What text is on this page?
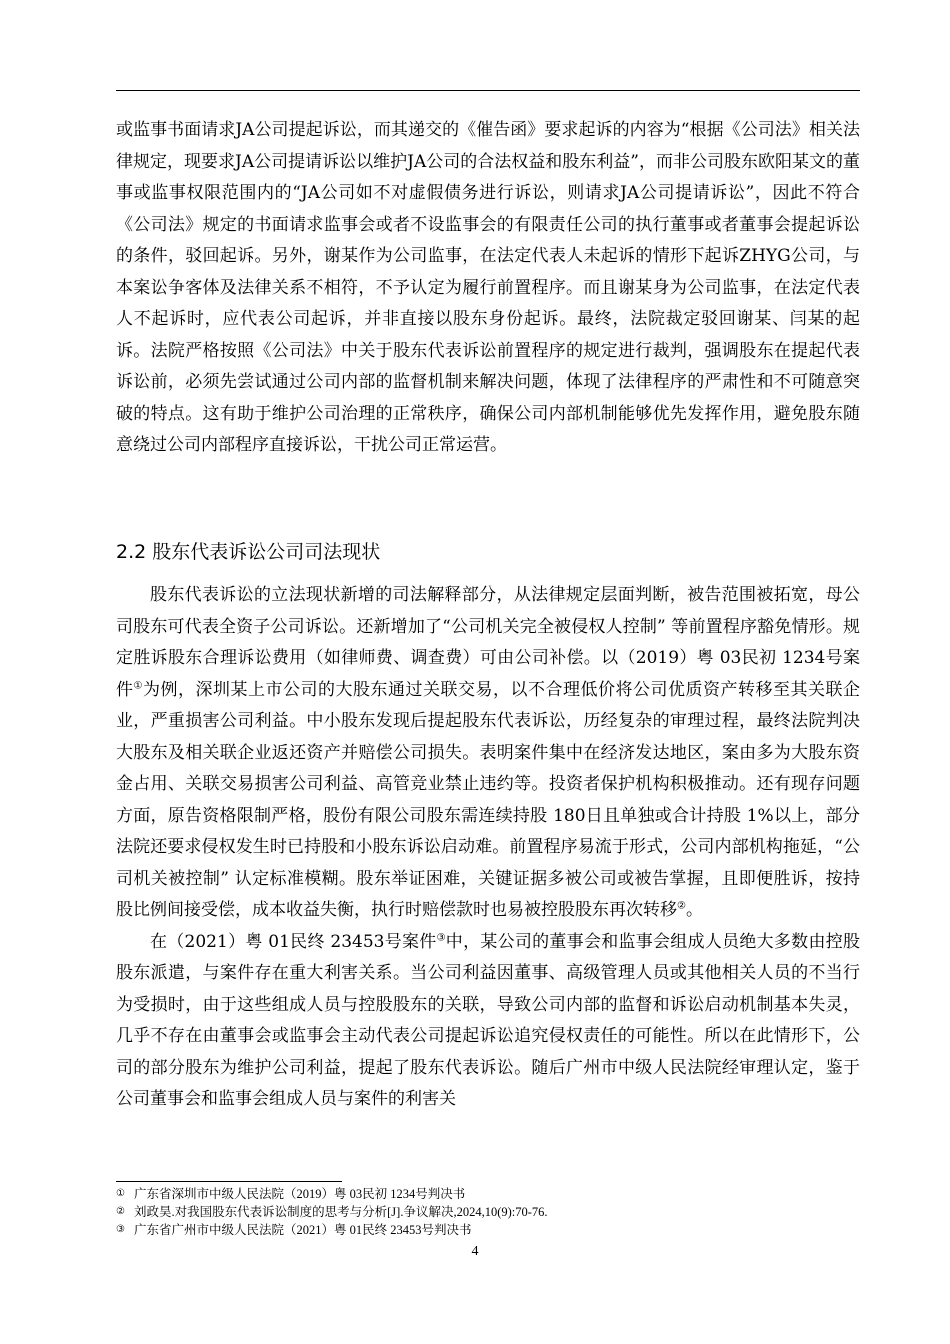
或监事书面请求JA公司提起诉讼，而其递交的《催告函》要求起诉的内容为“根据《公司法》相关法律规定，现要求JA公司提请诉讼以维护JA公司的合法权益和股东利益”，而非公司股东欧阳某文的董事或监事权限范围内的“JA公司如不对虚假债务进行诉讼，则请求JA公司提请诉讼”，因此不符合《公司法》规定的书面请求监事会或者不设监事会的有限责任公司的执行董事或者董事会提起诉讼的条件，驳回起诉。另外，谢某作为公司监事，在法定代表人未起诉的情形下起诉ZHYG公司，与本案讼争客体及法律关系不相符，不予认定为履行前置程序。而且谢某身为公司监事，在法定代表人不起诉时，应代表公司起诉，并非直接以股东身份起诉。最终，法院裁定驳回谢某、闫某的起诉。法院严格按照《公司法》中关于股东代表诉讼前置程序的规定进行裁判，强调股东在提起代表诉讼前，必须先尝试通过公司内部的监督机制来解决问题，体现了法律程序的严肃性和不可随意突破的特点。这有助于维护公司治理的正常秩序，确保公司内部机制能够优先发挥作用，避免股东随意绕过公司内部程序直接诉讼，干扰公司正常运营。

2.2 股东代表诉讼公司司法现状

股东代表诉讼的立法现状新增的司法解释部分，从法律规定层面判断，被告范围被拓宽，母公司股东可代表全资子公司诉讼。还新增加了“公司机关完全被侵权人控制” 等前置程序豁免情形。规定胜诉股东合理诉讼费用（如律师费、调查费）可由公司补偿。以（2019）粤 03民初 1234号案件①为例，深圳某上市公司的大股东通过关联交易，以不合理低价将公司优质资产转移至其关联企业，严重损害公司利益。中小股东发现后提起股东代表诉讼，历经复杂的审理过程，最终法院判决大股东及相关联企业返还资产并赔偿公司损失。表明案件集中在经济发达地区，案由多为大股东资金占用、关联交易损害公司利益、高管竞业禁止违约等。投资者保护机构积极推动。还有现存问题方面，原告资格限制严格，股份有限公司股东需连续持股 180日且单独或合计持股 1%以上，部分法院还要求侵权发生时已持股和小股东诉讼启动难。前置程序易流于形式，公司内部机构拖延，“公司机关被控制” 认定标准模糊。股东举证困难，关键证据多被公司或被告掌握，且即便胜诉，按持股比例间接受偿，成本收益失衡，执行时赔偿款时也易被控股股东再次转移②。

在（2021）粤 01民终 23453号案件③中，某公司的董事会和监事会组成人员绝大多数由控股股东派遣，与案件存在重大利害关系。当公司利益因董事、高级管理人员或其他相关人员的不当行为受损时，由于这些组成人员与控股股东的关联，导致公司内部的监督和诉讼启动机制基本失灵，几乎不存在由董事会或监事会主动代表公司提起诉讼追究侵权责任的可能性。所以在此情形下，公司的部分股东为维护公司利益，提起了股东代表诉讼。随后广州市中级人民法院经审理认定，鉴于公司董事会和监事会组成人员与案件的利害关

① 广东省深圳市中级人民法院（2019）粤 03民初 1234号判决书
② 刘政昊.对我国股东代表诉讼制度的思考与分析[J].争议解决,2024,10(9):70-76.
③ 广东省广州市中级人民法院（2021）粤 01民终 23453号判决书
4
